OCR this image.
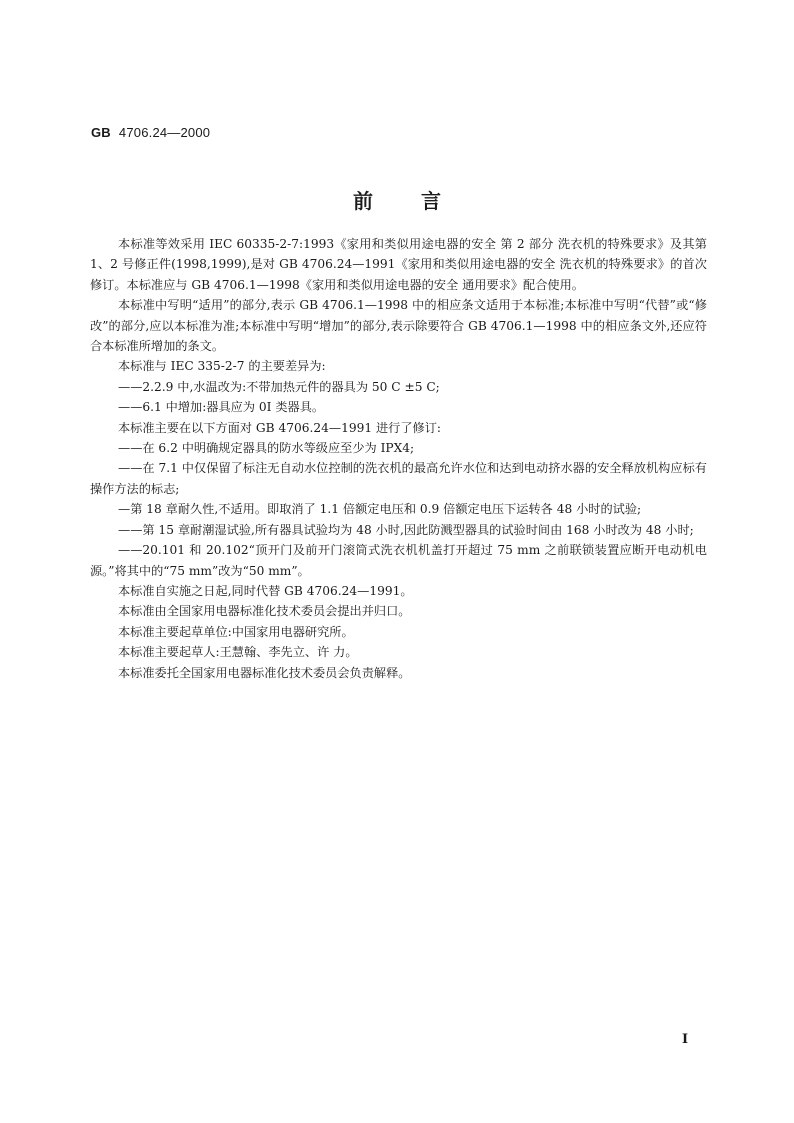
GB 4706.24—2000
前言

本标准等效采用 IEC 60335-2-7:1993《家用和类似用途电器的安全 第 2 部分 洗衣机的特殊要求》及其第 1、2 号修正件(1998,1999),是对 GB 4706.24—1991《家用和类似用途电器的安全 洗衣机的特殊要求》的首次修订。本标准应与 GB 4706.1—1998《家用和类似用途电器的安全 通用要求》配合使用。

本标准中写明“适用”的部分,表示 GB 4706.1—1998 中的相应条文适用于本标准;本标准中写明“代替”或“修改”的部分,应以本标准为准;本标准中写明“增加”的部分,表示除要符合 GB 4706.1—1998 中的相应条文外,还应符合本标准所增加的条文。

本标准与 IEC 335-2-7 的主要差异为:

——2.2.9 中,水温改为:不带加热元件的器具为 50 C ±5 C;

——6.1 中增加:器具应为 0I 类器具。

本标准主要在以下方面对 GB 4706.24—1991 进行了修订:

——在 6.2 中明确规定器具的防水等级应至少为 IPX4;

——在 7.1 中仅保留了标注无自动水位控制的洗衣机的最高允许水位和达到电动挤水器的安全释放机构应标有操作方法的标志;

—第 18 章耐久性,不适用。即取消了 1.1 倍额定电压和 0.9 倍额定电压下运转各 48 小时的试验;

——第 15 章耐潮湿试验,所有器具试验均为 48 小时,因此防溅型器具的试验时间由 168 小时改为 48 小时;

——20.101 和 20.102“顶开门及前开门滚筒式洗衣机机盖打开超过 75 mm 之前联锁装置应断开电动机电源。”将其中的“75 mm”改为“50 mm”。

本标准自实施之日起,同时代替 GB 4706.24—1991。

本标准由全国家用电器标准化技术委员会提出并归口。

本标准主要起草单位:中国家用电器研究所。

本标准主要起草人:王慧翰、李先立、许 力。

本标准委托全国家用电器标准化技术委员会负责解释。

I
